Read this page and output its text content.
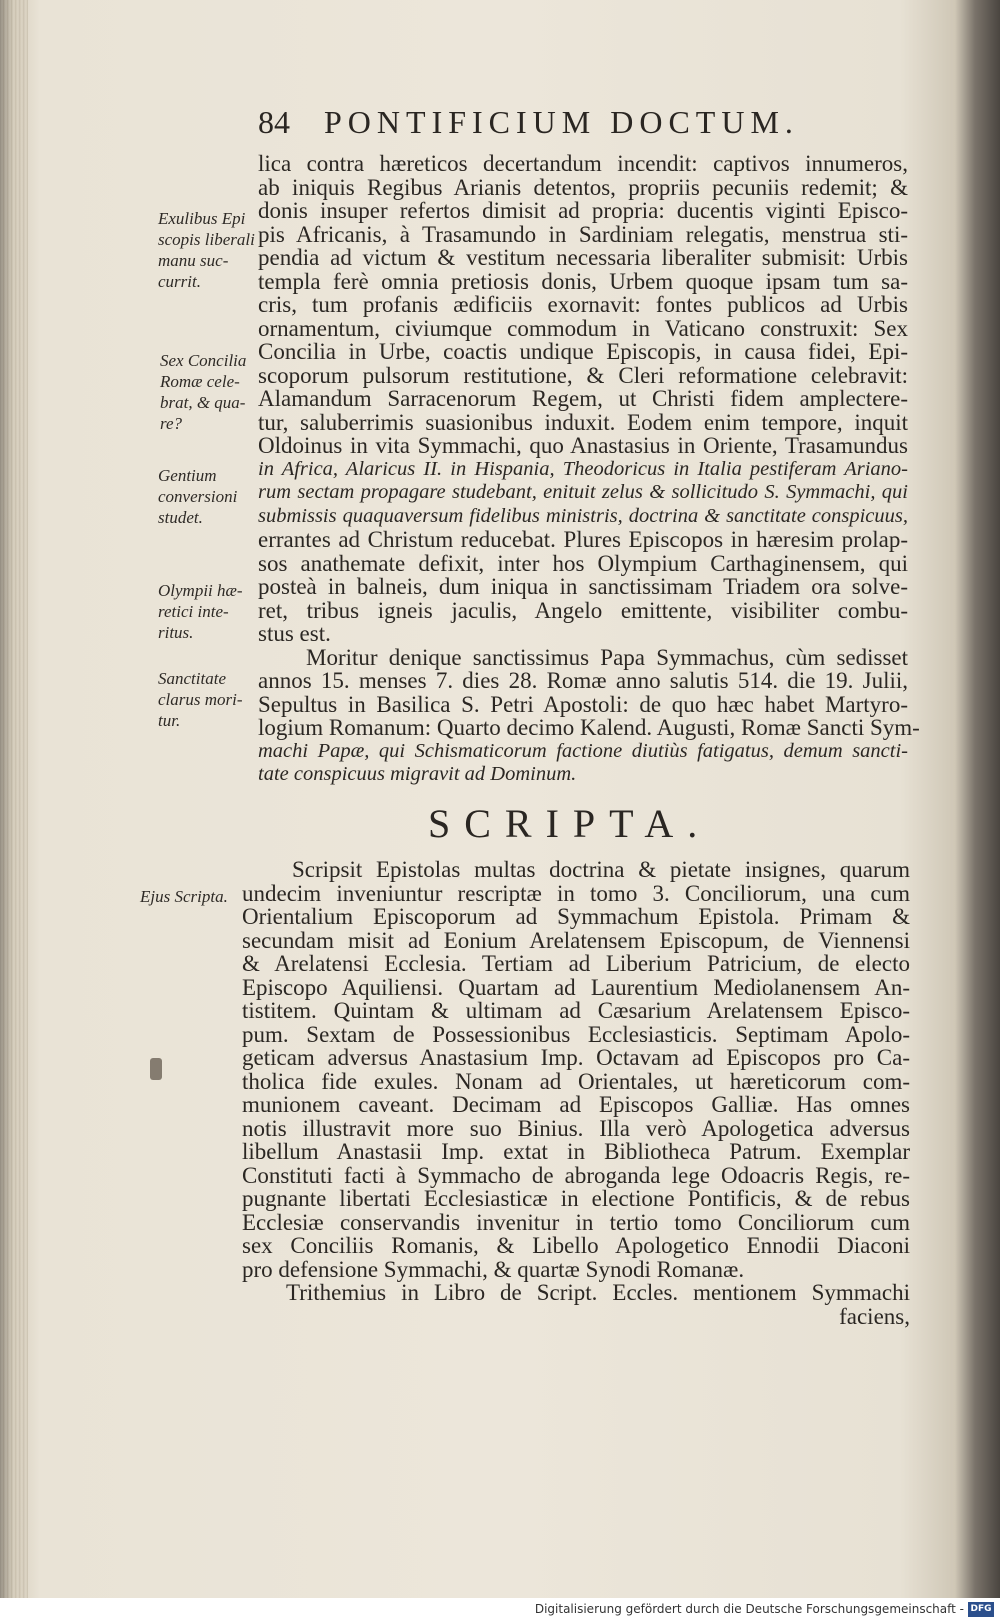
84 PONTIFICIUM DOCTUM.
Exulibus Epi
scopis liberali
manu suc-
currit.
Sex Concilia
Romæ cele-
brat, & qua-
re?
Gentium
conversioni
studet.
Olympii hæ-
retici inte-
ritus.
Sanctitate
clarus mori-
tur.
Ejus Scripta.
lica contra hæreticos decertandum incendit: captivos innumeros,
ab iniquis Regibus Arianis detentos, propriis pecuniis redemit; &
donis insuper refertos dimisit ad propria: ducentis viginti Episco-
pis Africanis, à Trasamundo in Sardiniam relegatis, menstrua sti-
pendia ad victum & vestitum necessaria liberaliter submisit: Urbis
templa ferè omnia pretiosis donis, Urbem quoque ipsam tum sa-
cris, tum profanis ædificiis exornavit: fontes publicos ad Urbis
ornamentum, civiumque commodum in Vaticano construxit: Sex
Concilia in Urbe, coactis undique Episcopis, in causa fidei, Epi-
scoporum pulsorum restitutione, & Cleri reformatione celebravit:
Alamandum Sarracenorum Regem, ut Christi fidem amplectere-
tur, saluberrimis suasionibus induxit. Eodem enim tempore, inquit
Oldoinus in vita Symmachi, quo Anastasius in Oriente, Trasamundus
in Africa, Alaricus II. in Hispania, Theodoricus in Italia pestiferam Ariano-
rum sectam propagare studebant, enituit zelus & sollicitudo S. Symmachi, qui
submissis quaquaversum fidelibus ministris, doctrina & sanctitate conspicuus,
errantes ad Christum reducebat. Plures Episcopos in hæresim prolap-
sos anathemate defixit, inter hos Olympium Carthaginensem, qui
posteà in balneis, dum iniqua in sanctissimam Triadem ora solve-
ret, tribus igneis jaculis, Angelo emittente, visibiliter combu-
stus est.
Moritur denique sanctissimus Papa Symmachus, cùm sedisset
annos 15. menses 7. dies 28. Romæ anno salutis 514. die 19. Julii,
Sepultus in Basilica S. Petri Apostoli: de quo hæc habet Martyro-
logium Romanum: Quarto decimo Kalend. Augusti, Romæ Sancti Sym-
machi Papæ, qui Schismaticorum factione diutiùs fatigatus, demum sancti-
tate conspicuus migravit ad Dominum.
SCRIPTA.
Scripsit Epistolas multas doctrina & pietate insignes, quarum
undecim inveniuntur rescriptæ in tomo 3. Conciliorum, una cum
Orientalium Episcoporum ad Symmachum Epistola. Primam &
secundam misit ad Eonium Arelatensem Episcopum, de Viennensi
& Arelatensi Ecclesia. Tertiam ad Liberium Patricium, de electo
Episcopo Aquiliensi. Quartam ad Laurentium Mediolanensem An-
tistitem. Quintam & ultimam ad Cæsarium Arelatensem Episco-
pum. Sextam de Possessionibus Ecclesiasticis. Septimam Apolo-
geticam adversus Anastasium Imp. Octavam ad Episcopos pro Ca-
tholica fide exules. Nonam ad Orientales, ut hæreticorum com-
munionem caveant. Decimam ad Episcopos Galliæ. Has omnes
notis illustravit more suo Binius. Illa verò Apologetica adversus
libellum Anastasii Imp. extat in Bibliotheca Patrum. Exemplar
Constituti facti à Symmacho de abroganda lege Odoacris Regis, re-
pugnante libertati Ecclesiasticæ in electione Pontificis, & de rebus
Ecclesiæ conservandis invenitur in tertio tomo Conciliorum cum
sex Conciliis Romanis, & Libello Apologetico Ennodii Diaconi
pro defensione Symmachi, & quartæ Synodi Romanæ.
Trithemius in Libro de Script. Eccles. mentionem Symmachi
faciens,
Digitalisierung gefördert durch die Deutsche Forschungsgemeinschaft - DFG
